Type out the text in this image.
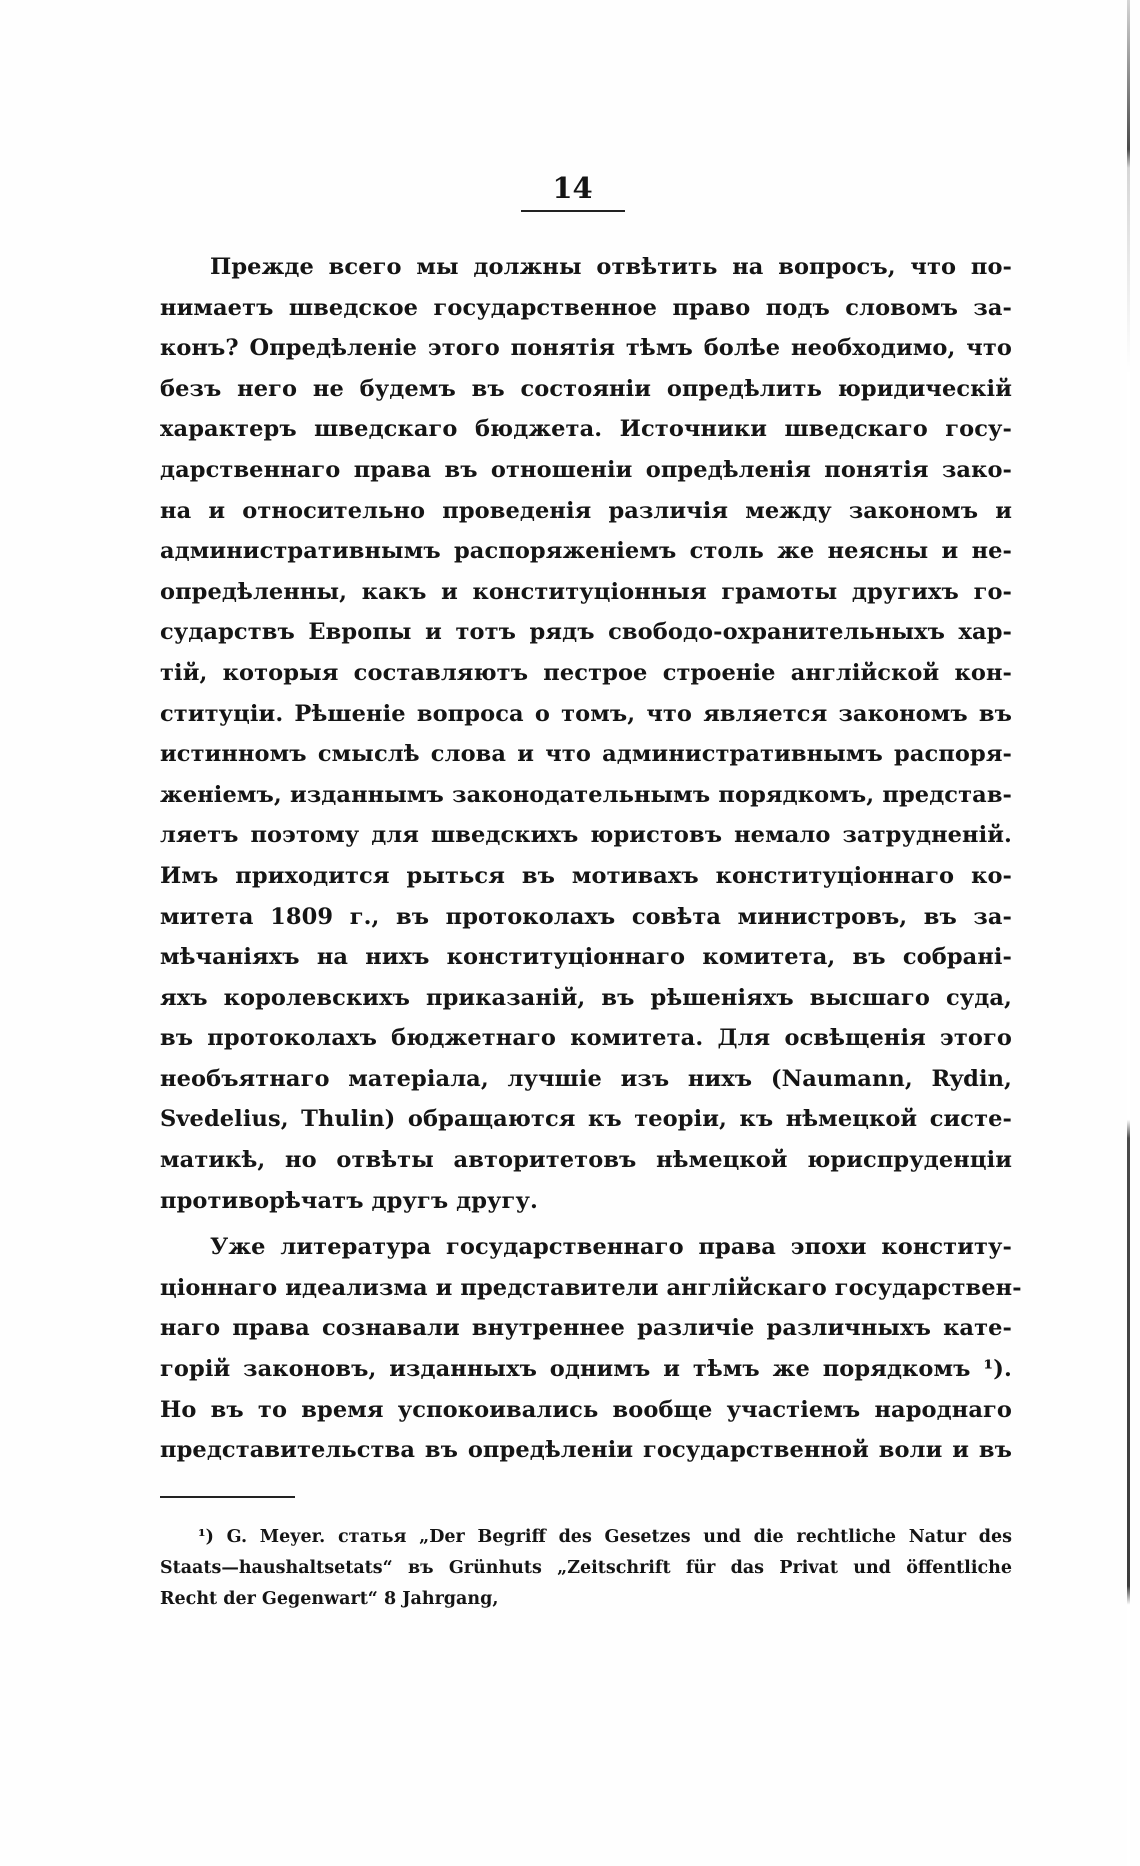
14
Прежде всего мы должны отвѣтить на вопросъ, что по-
нимаетъ шведское государственное право подъ словомъ за-
конъ? Опредѣленіе этого понятія тѣмъ болѣе необходимо, что
безъ него не будемъ въ состояніи опредѣлить юридическій
характеръ шведскаго бюджета. Источники шведскаго госу-
дарственнаго права въ отношеніи опредѣленія понятія зако-
на и относительно проведенія различія между закономъ и
административнымъ распоряженіемъ столь же неясны и не-
опредѣленны, какъ и конституціонныя грамоты другихъ го-
сударствъ Европы и тотъ рядъ свободо-охранительныхъ хар-
тій, которыя составляютъ пестрое строеніе англійской кон-
ституціи. Рѣшеніе вопроса о томъ, что является закономъ въ
истинномъ смыслѣ слова и что административнымъ распоря-
женіемъ, изданнымъ законодательнымъ порядкомъ, представ-
ляетъ поэтому для шведскихъ юристовъ немало затрудненій.
Имъ приходится рыться въ мотивахъ конституціоннаго ко-
митета 1809 г., въ протоколахъ совѣта министровъ, въ за-
мѣчаніяхъ на нихъ конституціоннаго комитета, въ собрані-
яхъ королевскихъ приказаній, въ рѣшеніяхъ высшаго суда,
въ протоколахъ бюджетнаго комитета. Для освѣщенія этого
необъятнаго матеріала, лучшіе изъ нихъ (Naumann, Rydin,
Svedelius, Thulin) обращаются къ теоріи, къ нѣмецкой систе-
матикѣ, но отвѣты авторитетовъ нѣмецкой юриспруденціи
противорѣчатъ другъ другу.
Уже литература государственнаго права эпохи конститу-
ціоннаго идеализма и представители англійскаго государствен-
наго права сознавали внутреннее различіе различныхъ кате-
горій законовъ, изданныхъ однимъ и тѣмъ же порядкомъ ¹).
Но въ то время успокоивались вообще участіемъ народнаго
представительства въ опредѣленіи государственной воли и въ
¹) G. Meyer. статья „Der Begriff des Gesetzes und die rechtliche Natur des
Staats—haushaltsetats“ въ Grünhuts „Zeitschrift für das Privat und öffentliche
Recht der Gegenwart“ 8 Jahrgang,
